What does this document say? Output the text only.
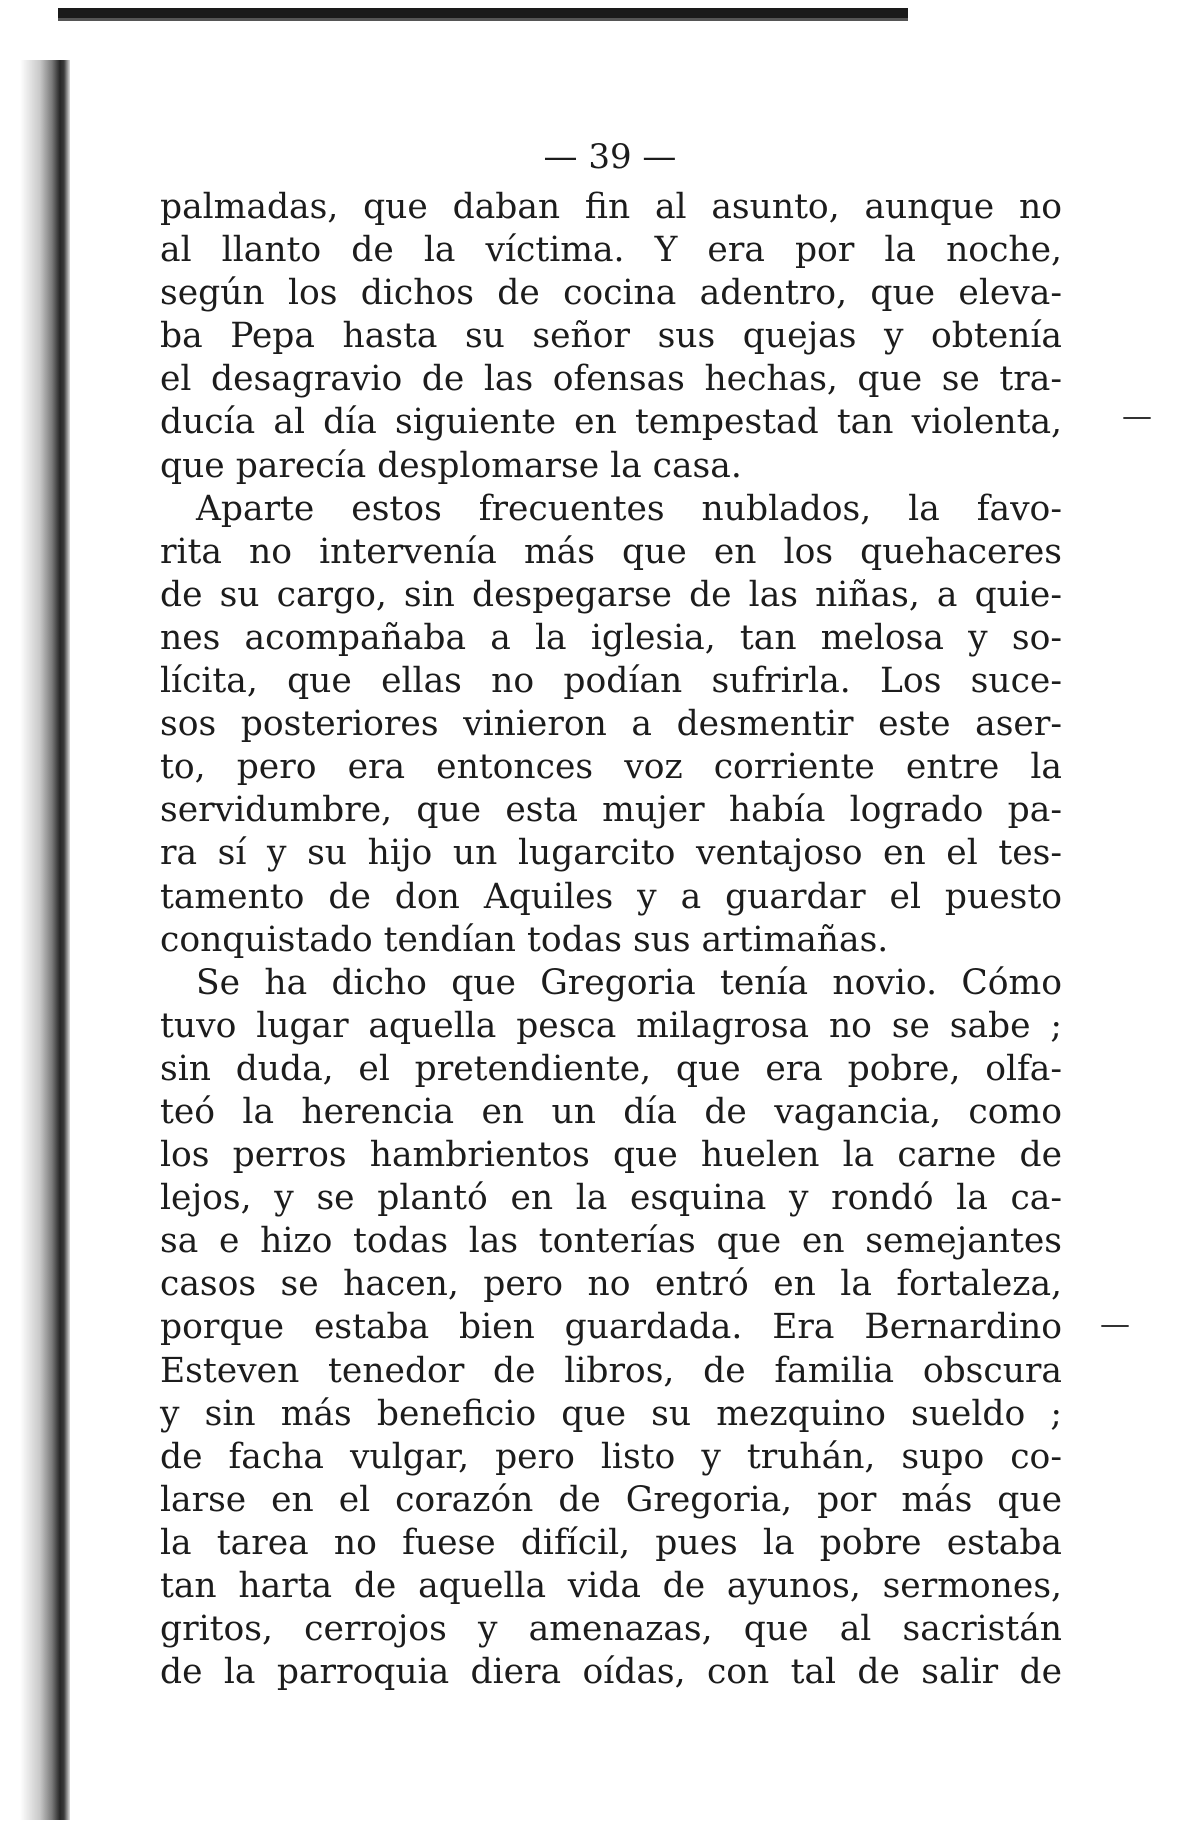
—
—
— 39 —
palmadas, que daban fin al asunto, aunque no
al llanto de la víctima. Y era por la noche,
según los dichos de cocina adentro, que eleva-
ba Pepa hasta su señor sus quejas y obtenía
el desagravio de las ofensas hechas, que se tra-
ducía al día siguiente en tempestad tan violenta,
que parecía desplomarse la casa.
Aparte estos frecuentes nublados, la favo-
rita no intervenía más que en los quehaceres
de su cargo, sin despegarse de las niñas, a quie-
nes acompañaba a la iglesia, tan melosa y so-
lícita, que ellas no podían sufrirla. Los suce-
sos posteriores vinieron a desmentir este aser-
to, pero era entonces voz corriente entre la
servidumbre, que esta mujer había logrado pa-
ra sí y su hijo un lugarcito ventajoso en el tes-
tamento de don Aquiles y a guardar el puesto
conquistado tendían todas sus artimañas.
Se ha dicho que Gregoria tenía novio. Cómo
tuvo lugar aquella pesca milagrosa no se sabe ;
sin duda, el pretendiente, que era pobre, olfa-
teó la herencia en un día de vagancia, como
los perros hambrientos que huelen la carne de
lejos, y se plantó en la esquina y rondó la ca-
sa e hizo todas las tonterías que en semejantes
casos se hacen, pero no entró en la fortaleza,
porque estaba bien guardada. Era Bernardino
Esteven tenedor de libros, de familia obscura
y sin más beneficio que su mezquino sueldo ;
de facha vulgar, pero listo y truhán, supo co-
larse en el corazón de Gregoria, por más que
la tarea no fuese difícil, pues la pobre estaba
tan harta de aquella vida de ayunos, sermones,
gritos, cerrojos y amenazas, que al sacristán
de la parroquia diera oídas, con tal de salir de
